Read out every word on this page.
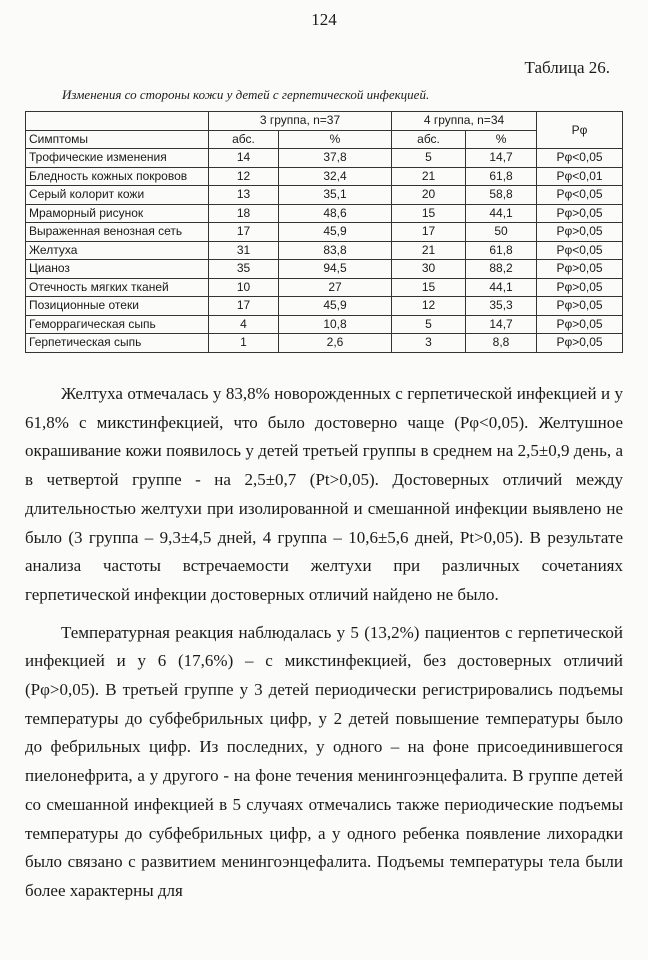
124
Таблица 26.
Изменения со стороны кожи у детей с герпетической инфекцией.
	3 группа, n=37		4 группа, n=34		Pφ
Симптомы	абс.	%	абс.	%	
Трофические изменения	14	37,8	5	14,7	Pφ<0,05
Бледность кожных покровов	12	32,4	21	61,8	Pφ<0,01
Серый колорит кожи	13	35,1	20	58,8	Pφ<0,05
Мраморный рисунок	18	48,6	15	44,1	Pφ>0,05
Выраженная венозная сеть	17	45,9	17	50	Pφ>0,05
Желтуха	31	83,8	21	61,8	Pφ<0,05
Цианоз	35	94,5	30	88,2	Pφ>0,05
Отечность мягких тканей	10	27	15	44,1	Pφ>0,05
Позиционные отеки	17	45,9	12	35,3	Pφ>0,05
Геморрагическая сыпь	4	10,8	5	14,7	Pφ>0,05
Герпетическая сыпь	1	2,6	3	8,8	Pφ>0,05

Желтуха отмечалась у 83,8% новорожденных с герпетической инфекцией и у 61,8% с микстинфекцией, что было достоверно чаще (Pφ<0,05). Желтушное окрашивание кожи появилось у детей третьей группы в среднем на 2,5±0,9 день, а в четвертой группе - на 2,5±0,7 (Pt>0,05). Достоверных отличий между длительностью желтухи при изолированной и смешанной инфекции выявлено не было (3 группа – 9,3±4,5 дней, 4 группа – 10,6±5,6 дней, Pt>0,05). В результате анализа частоты встречаемости желтухи при различных сочетаниях герпетической инфекции достоверных отличий найдено не было.

Температурная реакция наблюдалась у 5 (13,2%) пациентов с герпетической инфекцией и у 6 (17,6%) – с микстинфекцией, без достоверных отличий (Pφ>0,05). В третьей группе у 3 детей периодически регистрировались подъемы температуры до субфебрильных цифр, у 2 детей повышение температуры было до фебрильных цифр. Из последних, у одного – на фоне присоединившегося пиелонефрита, а у другого - на фоне течения менингоэнцефалита. В группе детей со смешанной инфекцией в 5 случаях отмечались также периодические подъемы температуры до субфебрильных цифр, а у одного ребенка появление лихорадки было связано с развитием менингоэнцефалита. Подъемы температуры тела были более характерны для
